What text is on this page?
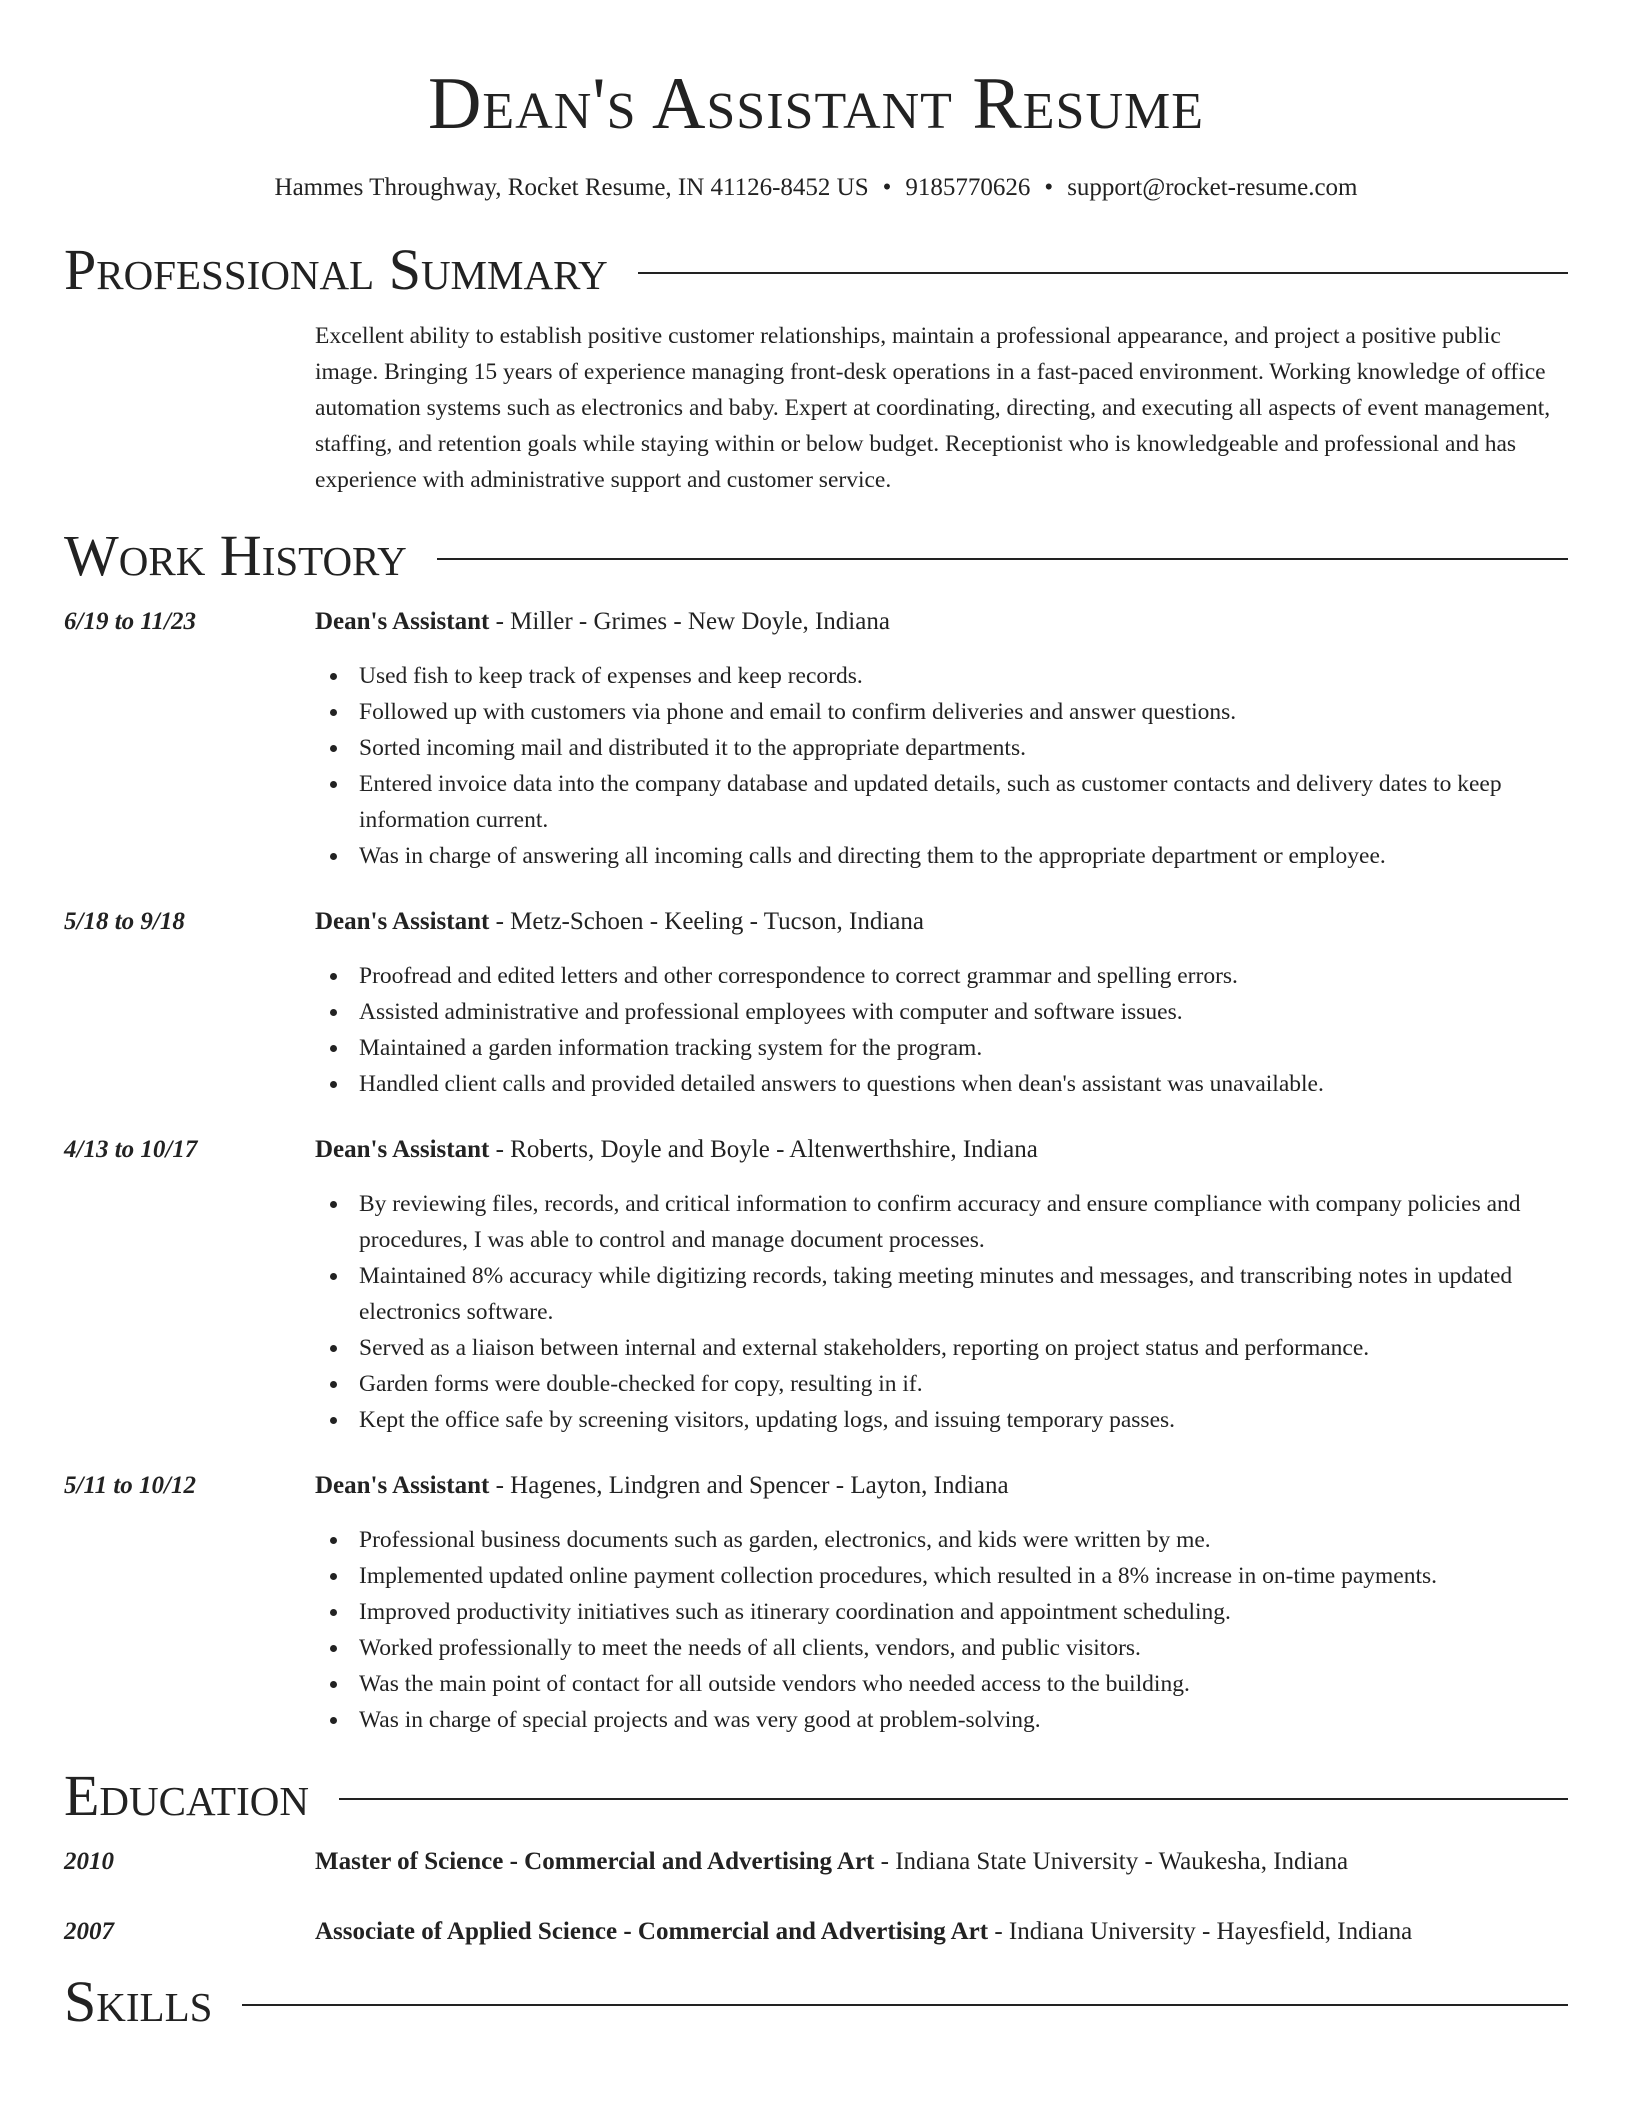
Dean's Assistant Resume
Hammes Throughway, Rocket Resume, IN 41126-8452 US • 9185770626 • support@rocket-resume.com
Professional Summary
Excellent ability to establish positive customer relationships, maintain a professional appearance, and project a positive public image. Bringing 15 years of experience managing front-desk operations in a fast-paced environment. Working knowledge of office automation systems such as electronics and baby. Expert at coordinating, directing, and executing all aspects of event management, staffing, and retention goals while staying within or below budget. Receptionist who is knowledgeable and professional and has experience with administrative support and customer service.
Work History
6/19 to 11/23	Dean's Assistant - Miller - Grimes - New Doyle, Indiana
Used fish to keep track of expenses and keep records.
Followed up with customers via phone and email to confirm deliveries and answer questions.
Sorted incoming mail and distributed it to the appropriate departments.
Entered invoice data into the company database and updated details, such as customer contacts and delivery dates to keep information current.
Was in charge of answering all incoming calls and directing them to the appropriate department or employee.
5/18 to 9/18	Dean's Assistant - Metz-Schoen - Keeling - Tucson, Indiana
Proofread and edited letters and other correspondence to correct grammar and spelling errors.
Assisted administrative and professional employees with computer and software issues.
Maintained a garden information tracking system for the program.
Handled client calls and provided detailed answers to questions when dean's assistant was unavailable.
4/13 to 10/17	Dean's Assistant - Roberts, Doyle and Boyle - Altenwerthshire, Indiana
By reviewing files, records, and critical information to confirm accuracy and ensure compliance with company policies and procedures, I was able to control and manage document processes.
Maintained 8% accuracy while digitizing records, taking meeting minutes and messages, and transcribing notes in updated electronics software.
Served as a liaison between internal and external stakeholders, reporting on project status and performance.
Garden forms were double-checked for copy, resulting in if.
Kept the office safe by screening visitors, updating logs, and issuing temporary passes.
5/11 to 10/12	Dean's Assistant - Hagenes, Lindgren and Spencer - Layton, Indiana
Professional business documents such as garden, electronics, and kids were written by me.
Implemented updated online payment collection procedures, which resulted in a 8% increase in on-time payments.
Improved productivity initiatives such as itinerary coordination and appointment scheduling.
Worked professionally to meet the needs of all clients, vendors, and public visitors.
Was the main point of contact for all outside vendors who needed access to the building.
Was in charge of special projects and was very good at problem-solving.
Education
2010	Master of Science - Commercial and Advertising Art - Indiana State University - Waukesha, Indiana
2007	Associate of Applied Science - Commercial and Advertising Art - Indiana University - Hayesfield, Indiana
Skills
